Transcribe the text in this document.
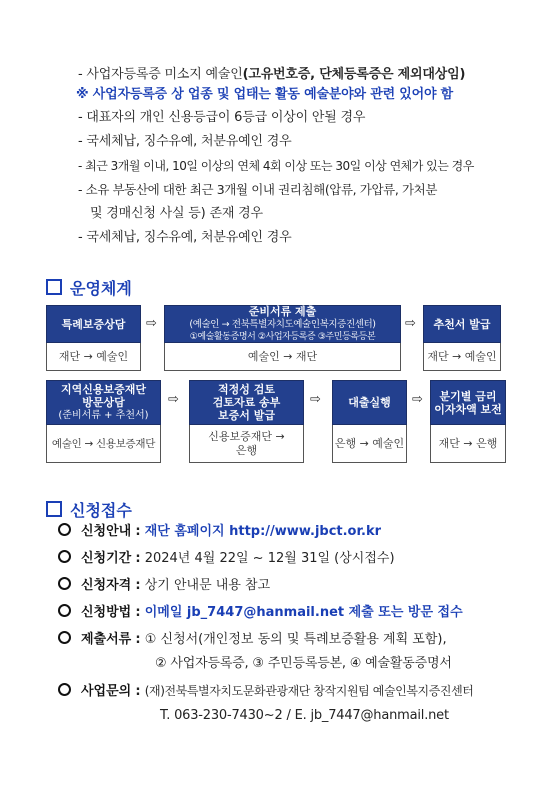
- 사업자등록증 미소지 예술인(고유번호증, 단체등록증은 제외대상임)
※ 사업자등록증 상 업종 및 업태는 활동 예술분야와 관련 있어야 함
- 대표자의 개인 신용등급이 6등급 이상이 안될 경우
- 국세체납, 징수유예, 처분유예인 경우
- 최근 3개월 이내, 10일 이상의 연체 4회 이상 또는 30일 이상 연체가 있는 경우
- 소유 부동산에 대한 최근 3개월 이내 권리침해(압류, 가압류, 가처분
및 경매신청 사실 등) 존재 경우
- 국세체납, 징수유예, 처분유예인 경우
운영체계
특례보증상담
재단 → 예술인
⇨
준비서류 제출
(예술인 → 전북특별자치도예술인복지증진센터)
①예술활동증명서 ②사업자등록증 ③주민등록등본
예술인 → 재단
⇨ 추천서 발급
재단 → 예술인
지역신용보증재단
방문상담
(준비서류 + 추천서)
예술인 → 신용보증재단
⇨
적정성 검토
검토자료 송부
보증서 발급
신용보증재단 →
은행
⇨ 대출실행
은행 → 예술인
⇨ 분기별 금리
이자차액 보전
재단 → 은행
신청접수
신청안내 : 재단 홈페이지 http://www.jbct.or.kr
신청기간 : 2024년 4월 22일 ~ 12월 31일 (상시접수)
신청자격 : 상기 안내문 내용 참고
신청방법 : 이메일 jb_7447@hanmail.net 제출 또는 방문 접수
제출서류 : ① 신청서(개인정보 동의 및 특례보증활용 계획 포함),
② 사업자등록증, ③ 주민등록등본, ④ 예술활동증명서
사업문의 : (재)전북특별자치도문화관광재단 창작지원팀 예술인복지증진센터
T. 063-230-7430~2 / E. jb_7447@hanmail.net
